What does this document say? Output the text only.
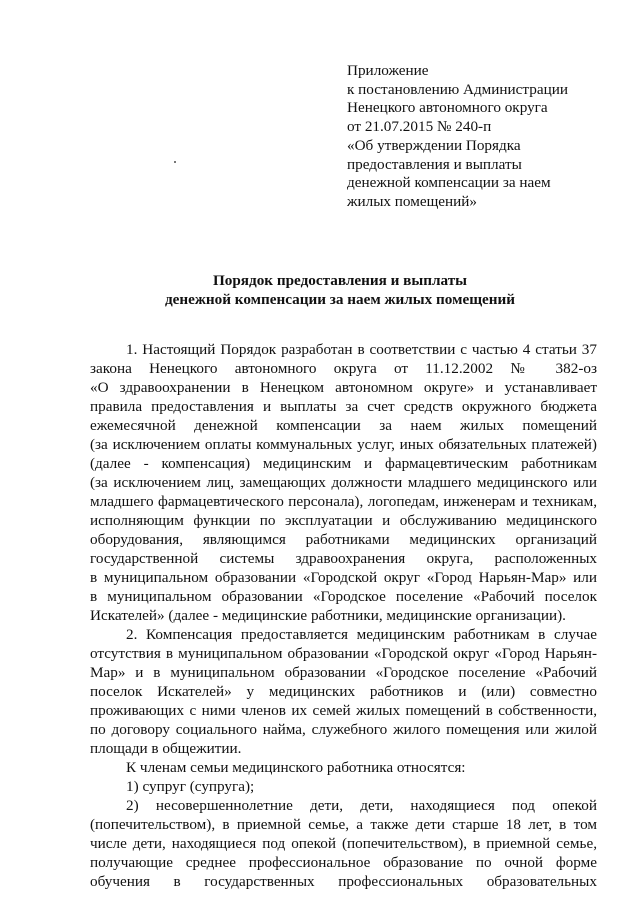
Приложение
к постановлению Администрации
Ненецкого автономного округа
от 21.07.2015 № 240-п
«Об утверждении Порядка
предоставления и выплаты
денежной компенсации за наем
жилых помещений»
Порядок предоставления и выплаты
денежной компенсации за наем жилых помещений
1. Настоящий Порядок разработан в соответствии с частью 4 статьи 37
закона Ненецкого автономного округа от 11.12.2002 № 382-оз
«О здравоохранении в Ненецком автономном округе» и устанавливает
правила предоставления и выплаты за счет средств окружного бюджета
ежемесячной денежной компенсации за наем жилых помещений
(за исключением оплаты коммунальных услуг, иных обязательных платежей)
(далее - компенсация) медицинским и фармацевтическим работникам
(за исключением лиц, замещающих должности младшего медицинского или
младшего фармацевтического персонала), логопедам, инженерам и техникам,
исполняющим функции по эксплуатации и обслуживанию медицинского
оборудования, являющимся работниками медицинских организаций
государственной системы здравоохранения округа, расположенных
в муниципальном образовании «Городской округ «Город Нарьян-Мар» или
в муниципальном образовании «Городское поселение «Рабочий поселок
Искателей» (далее - медицинские работники, медицинские организации).
2. Компенсация предоставляется медицинским работникам в случае
отсутствия в муниципальном образовании «Городской округ «Город Нарьян-
Мар» и в муниципальном образовании «Городское поселение «Рабочий
поселок Искателей» у медицинских работников и (или) совместно
проживающих с ними членов их семей жилых помещений в собственности,
по договору социального найма, служебного жилого помещения или жилой
площади в общежитии.
К членам семьи медицинского работника относятся:
1) супруг (супруга);
2) несовершеннолетние дети, дети, находящиеся под опекой
(попечительством), в приемной семье, а также дети старше 18 лет, в том
числе дети, находящиеся под опекой (попечительством), в приемной семье,
получающие среднее профессиональное образование по очной форме
обучения в государственных профессиональных образовательных
